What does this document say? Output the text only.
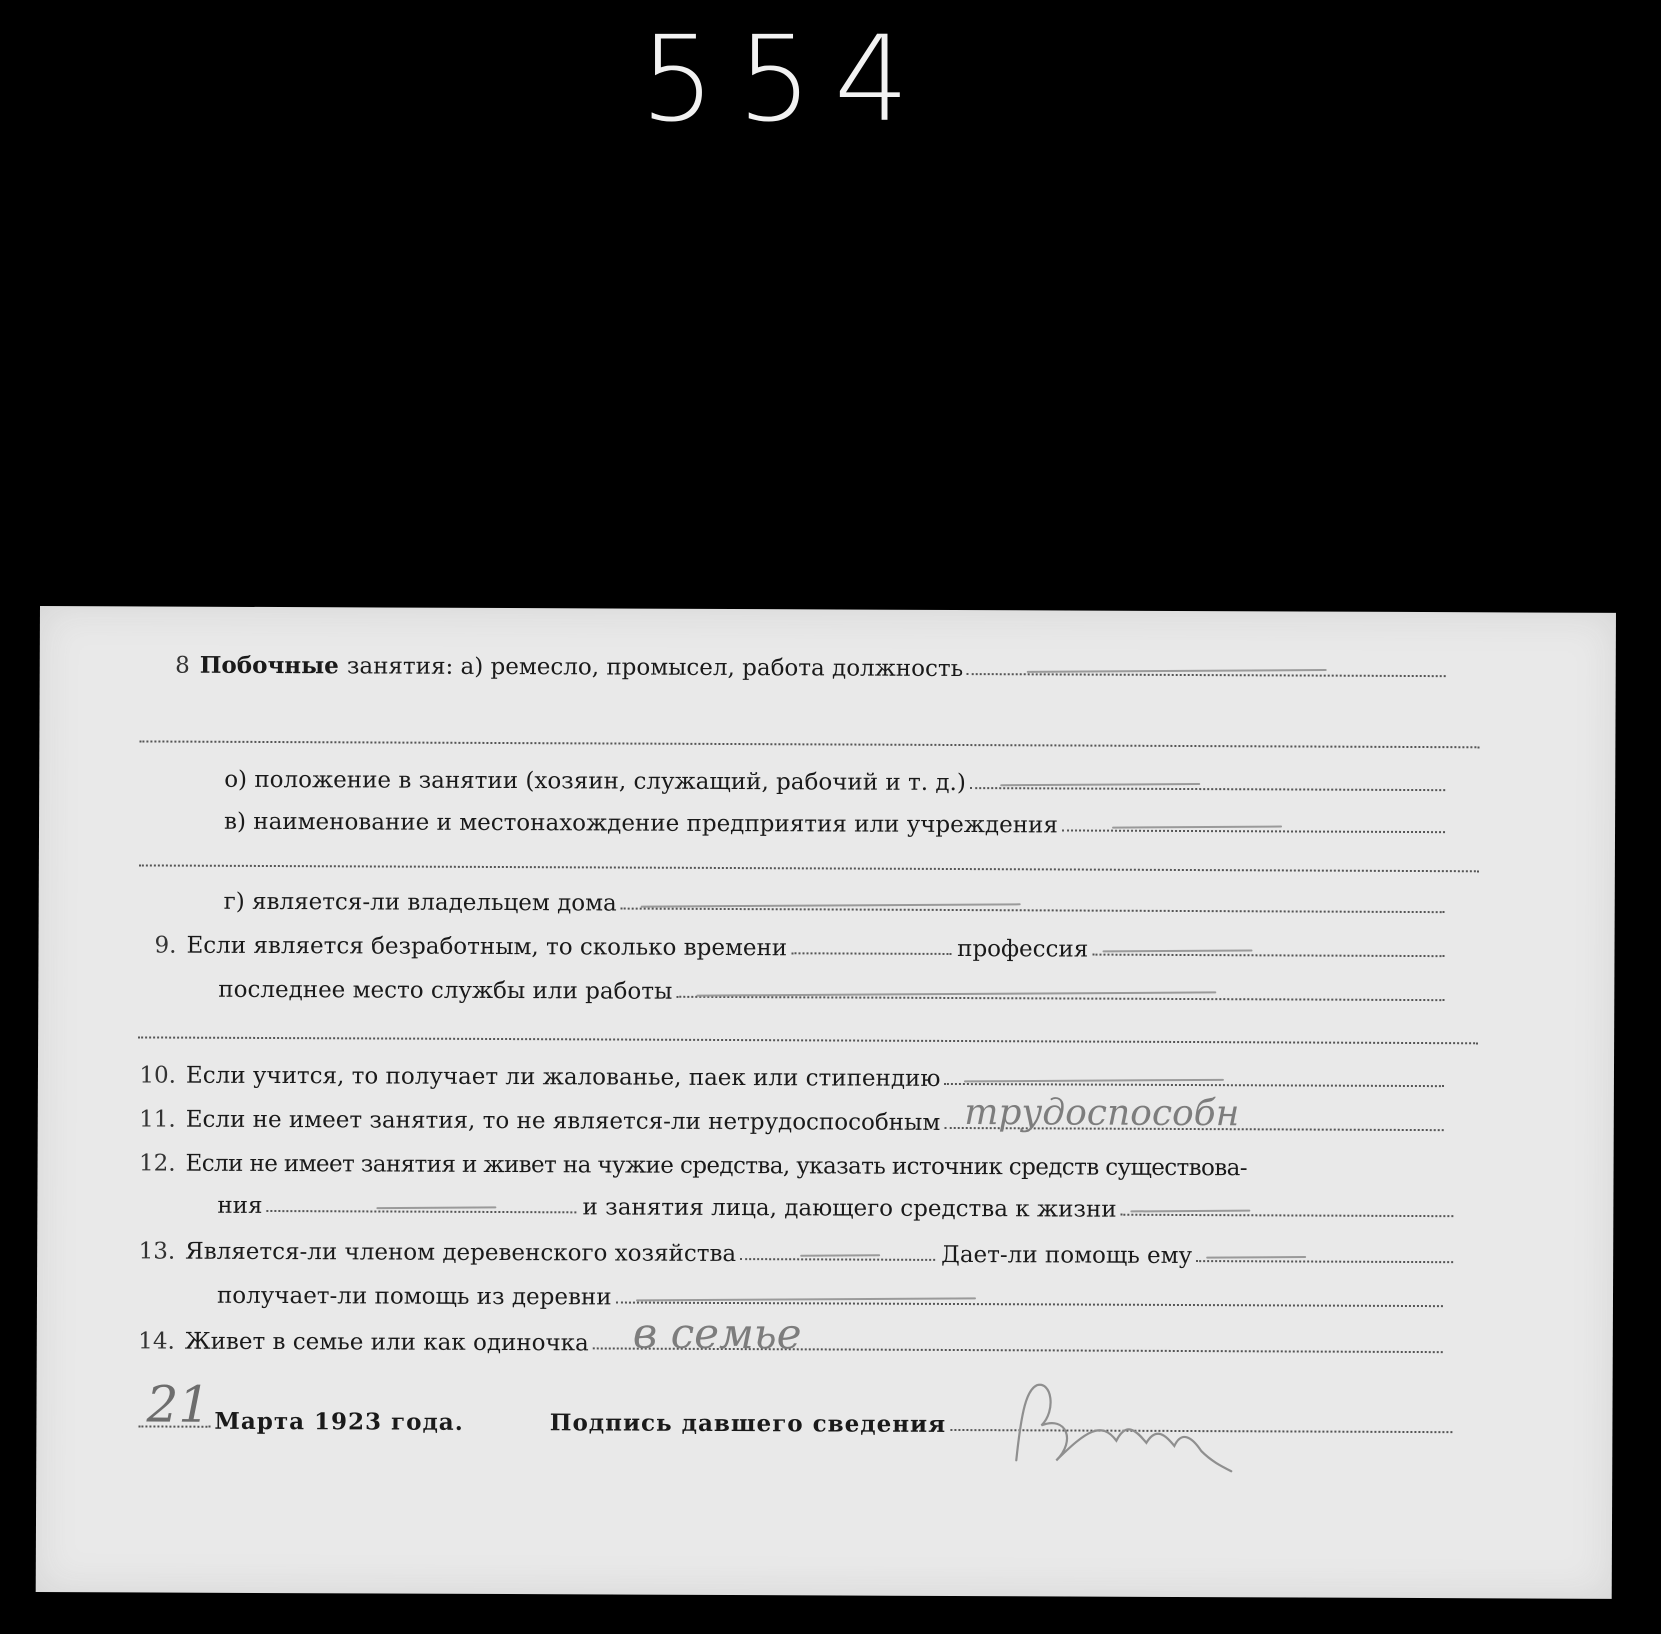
554
8 Побочные занятия: а) ремесло, промысел, работа должность
о) положение в занятии (хозяин, служащий, рабочий и т. д.)
в) наименование и местонахождение предприятия или учреждения
г) является-ли владельцем дома
9. Если является безработным, то сколько времени	профессия
последнее место службы или работы
10. Если учится, то получает ли жалованье, паек или стипендию
11. Если не имеет занятия, то не является-ли нетрудоспособным трудоспособн
12. Если не имеет занятия и живет на чужие средства, указать источник средств существова-
ния	и занятия лица, дающего средства к жизни
13. Является-ли членом деревенского хозяйства	Дает-ли помощь ему
получает-ли помощь из деревни
14. Живет в семье или как одиночка в семье
21 Марта 1923 года.	Подпись давшего сведения
